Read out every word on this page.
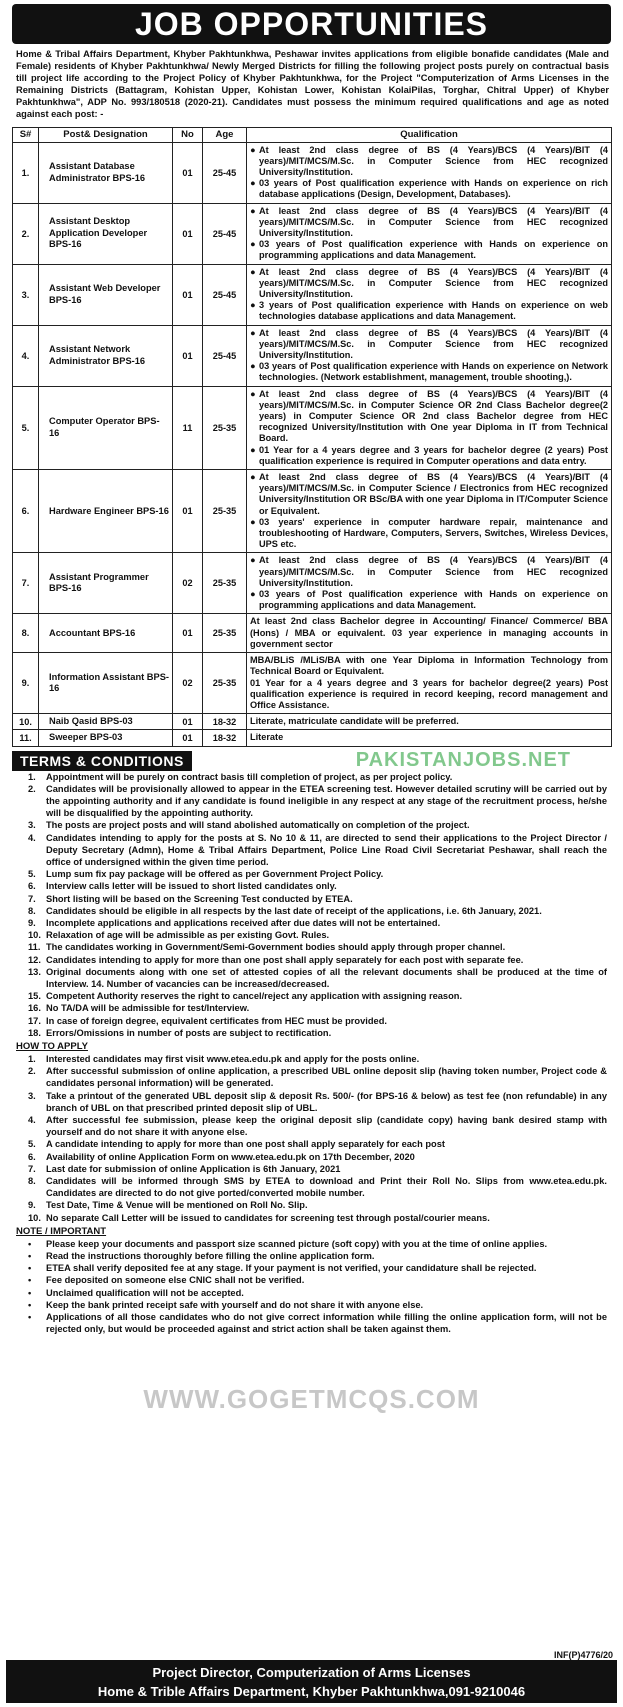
JOB OPPORTUNITIES
Home & Tribal Affairs Department, Khyber Pakhtunkhwa, Peshawar invites applications from eligible bonafide candidates (Male and Female) residents of Khyber Pakhtunkhwa/ Newly Merged Districts for filling the following project posts purely on contractual basis till project life according to the Project Policy of Khyber Pakhtunkhwa, for the Project "Computerization of Arms Licenses in the Remaining Districts (Battagram, Kohistan Upper, Kohistan Lower, Kohistan KolaiPilas, Torghar, Chitral Upper) of Khyber Pakhtunkhwa", ADP No. 993/180518 (2020-21). Candidates must possess the minimum required qualifications and age as noted against each post: -
S#	Post& Designation	No	Age	Qualification
1.	Assistant Database Administrator BPS-16	01	25-45	● At least 2nd class degree of BS (4 Years)/BCS (4 Years)/BIT (4 years)/MIT/MCS/M.Sc. in Computer Science from HEC recognized University/Institution.
● 03 years of Post qualification experience with Hands on experience on rich database applications (Design, Development, Databases).

2.	Assistant Desktop Application Developer BPS-16	01	25-45	● At least 2nd class degree of BS (4 Years)/BCS (4 Years)/BIT (4 years)/MIT/MCS/M.Sc. in Computer Science from HEC recognized University/Institution.
● 03 years of Post qualification experience with Hands on experience on programming applications and data Management.

3.	Assistant Web Developer BPS-16	01	25-45	● At least 2nd class degree of BS (4 Years)/BCS (4 Years)/BIT (4 years)/MIT/MCS/M.Sc. in Computer Science from HEC recognized University/Institution.
● 3 years of Post qualification experience with Hands on experience on web technologies database applications and data Management.

4.	Assistant Network Administrator BPS-16	01	25-45	● At least 2nd class degree of BS (4 Years)/BCS (4 Years)/BIT (4 years)/MIT/MCS/M.Sc. in Computer Science from HEC recognized University/Institution.
● 03 years of Post qualification experience with Hands on experience on Network technologies. (Network establishment, management, trouble shooting,).

5.	Computer Operator BPS-16	11	25-35	● At least 2nd class degree of BS (4 Years)/BCS (4 Years)/BIT (4 years)/MIT/MCS/M.Sc. in Computer Science OR 2nd Class Bachelor degree(2 years) in Computer Science OR 2nd class Bachelor degree from HEC recognized University/Institution with One year Diploma in IT from Technical Board.
● 01 Year for a 4 years degree and 3 years for bachelor degree (2 years) Post qualification experience is required in Computer operations and data entry.

6.	Hardware Engineer BPS-16	01	25-35	● At least 2nd class degree of BS (4 Years)/BCS (4 Years)/BIT (4 years)/MIT/MCS/M.Sc. in Computer Science / Electronics from HEC recognized University/Institution OR BSc/BA with one year Diploma in IT/Computer Science or Equivalent.
● 03 years' experience in computer hardware repair, maintenance and troubleshooting of Hardware, Computers, Servers, Switches, Wireless Devices, UPS etc.

7.	Assistant Programmer BPS-16	02	25-35	● At least 2nd class degree of BS (4 Years)/BCS (4 Years)/BIT (4 years)/MIT/MCS/M.Sc. in Computer Science from HEC recognized University/Institution.
● 03 years of Post qualification experience with Hands on experience on programming applications and data Management.

8.	Accountant BPS-16	01	25-35	At least 2nd class Bachelor degree in Accounting/ Finance/ Commerce/ BBA (Hons) / MBA or equivalent. 03 year experience in managing accounts in government sector

9.	Information Assistant BPS-16	02	25-35	MBA/BLiS /MLiS/BA with one Year Diploma in Information Technology from Technical Board or Equivalent.
01 Year for a 4 years degree and 3 years for bachelor degree(2 years) Post qualification experience is required in record keeping, record management and Office Assistance.

10.	Naib Qasid BPS-03	01	18-32	Literate, matriculate candidate will be preferred.

11.	Sweeper BPS-03	01	18-32	Literate
TERMS & CONDITIONS	PAKISTANJOBS.NET
1.	Appointment will be purely on contract basis till completion of project, as per project policy.
2.	Candidates will be provisionally allowed to appear in the ETEA screening test. However detailed scrutiny will be carried out by the appointing authority and if any candidate is found ineligible in any respect at any stage of the recruitment process, he/she will be disqualified by the appointing authority.
3.	The posts are project posts and will stand abolished automatically on completion of the project.
4.	Candidates intending to apply for the posts at S. No 10 & 11, are directed to send their applications to the Project Director / Deputy Secretary (Admn), Home & Tribal Affairs Department, Police Line Road Civil Secretariat Peshawar, shall reach the office of undersigned within the given time period.
5.	Lump sum fix pay package will be offered as per Government Project Policy.
6.	Interview calls letter will be issued to short listed candidates only.
7.	Short listing will be based on the Screening Test conducted by ETEA.
8.	Candidates should be eligible in all respects by the last date of receipt of the applications, i.e. 6th January, 2021.
9.	Incomplete applications and applications received after due dates will not be entertained.
10. Relaxation of age will be admissible as per existing Govt. Rules.
11. The candidates working in Government/Semi-Government bodies should apply through proper channel.
12. Candidates intending to apply for more than one post shall apply separately for each post with separate fee.
13. Original documents along with one set of attested copies of all the relevant documents shall be produced at the time of Interview. 14. Number of vacancies can be increased/decreased.
15. Competent Authority reserves the right to cancel/reject any application with assigning reason.
16. No TA/DA will be admissible for test/Interview.
17. In case of foreign degree, equivalent certificates from HEC must be provided.
18. Errors/Omissions in number of posts are subject to rectification.
HOW TO APPLY
1.	Interested candidates may first visit www.etea.edu.pk and apply for the posts online.
2.	After successful submission of online application, a prescribed UBL online deposit slip (having token number, Project code & candidates personal information) will be generated.
3.	Take a printout of the generated UBL deposit slip & deposit Rs. 500/- (for BPS-16 & below) as test fee (non refundable) in any branch of UBL on that prescribed printed deposit slip of UBL.
4.	After successful fee submission, please keep the original deposit slip (candidate copy) having bank desired stamp with yourself and do not share it with anyone else.
5.	A candidate intending to apply for more than one post shall apply separately for each post
6.	Availability of online Application Form on www.etea.edu.pk on 17th December, 2020
7.	Last date for submission of online Application is 6th January, 2021
8.	Candidates will be informed through SMS by ETEA to download and Print their Roll No. Slips from www.etea.edu.pk. Candidates are directed to do not give ported/converted mobile number.
9.	Test Date, Time & Venue will be mentioned on Roll No. Slip.
10. No separate Call Letter will be issued to candidates for screening test through postal/courier means.
NOTE / IMPORTANT
•	Please keep your documents and passport size scanned picture (soft copy) with you at the time of online applies.
•	Read the instructions thoroughly before filling the online application form.
•	ETEA shall verify deposited fee at any stage. If your payment is not verified, your candidature shall be rejected.
•	Fee deposited on someone else CNIC shall not be verified.
•	Unclaimed qualification will not be accepted.
•	Keep the bank printed receipt safe with yourself and do not share it with anyone else.
•	Applications of all those candidates who do not give correct information while filling the online application form, will not be rejected only, but would be proceeded against and strict action shall be taken against them.
WWW.GOGETMCQS.COM
INF(P)4776/20
Project Director, Computerization of Arms Licenses
Home & Trible Affairs Department, Khyber Pakhtunkhwa,091-9210046
